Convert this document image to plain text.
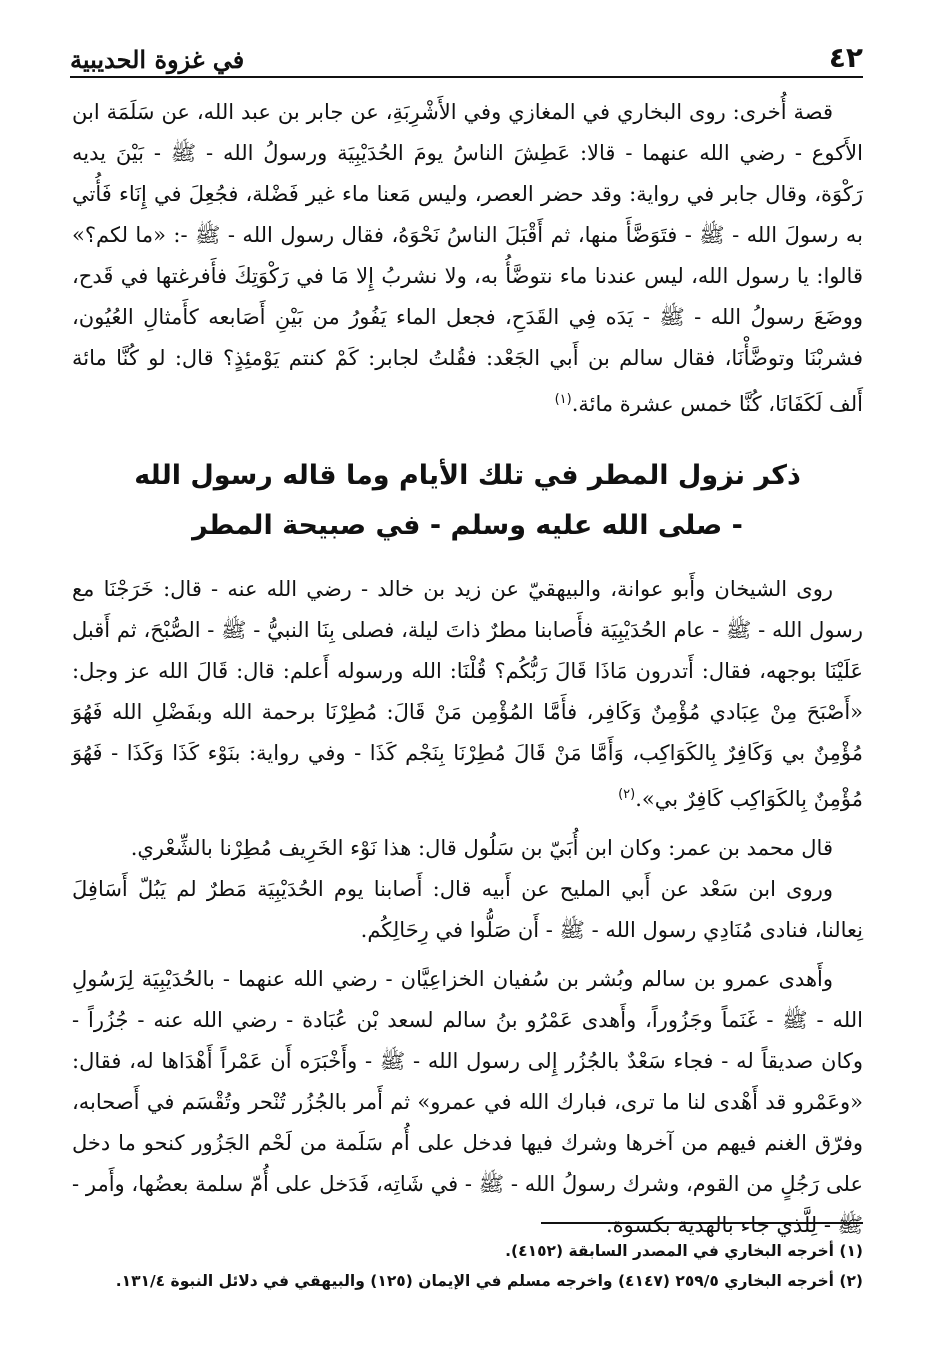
٤٢
في غزوة الحديبية

قصة أُخرى: روى البخاري في المغازي وفي الأَشْرِبَةِ، عن جابر بن عبد الله، عن سَلَمَة ابن الأَكوع - رضي الله عنهما - قالا: عَطِشَ الناسُ يومَ الحُدَيْبِيَة ورسولُ الله - ﷺ - بَيْنَ يديه رَكْوَة، وقال جابر في رواية: وقد حضر العصر، وليس مَعنا ماء غير فَضْلة، فجُعِلَ في إِنَاء فَأُتي به رسولَ الله - ﷺ - فتَوَضَّأَ منها، ثم أَقْبَلَ الناسُ نَحْوَهُ، فقال رسول الله - ﷺ -: «ما لكم؟» قالوا: يا رسول الله، ليس عندنا ماء نتوضَّأُ به، ولا نشربُ إِلا مَا في رَكْوَتِكَ فأَفرغتها في قَدح، ووضَعَ رسولُ الله - ﷺ - يَدَه فِي القَدَحِ، فجعل الماء يَفُورُ من بَيْنِ أَصَابعه كأَمثالِ العُيُون، فشربْنَا وتوضَّأْنَا، فقال سالم بن أَبي الجَعْد: فقُلتُ لجابر: كَمْ كنتم يَوْمئِذٍ؟ قال: لو كُنَّا مائة أَلف لَكَفَانَا، كُنَّا خمس عشرة مائة.$^{(١)}$

ذكر نزول المطر في تلك الأيام وما قاله رسول الله
- صلى الله عليه وسلم - في صبيحة المطر

روى الشيخان وأَبو عوانة، والبيهقيّ عن زيد بن خالد - رضي الله عنه - قال: خَرَجْنَا مع رسول الله - ﷺ - عام الحُدَيْبِيَة فأَصابنا مطرٌ ذاتَ ليلة، فصلى بِنَا النبيُّ - ﷺ - الصُّبْحَ، ثم أَقبل عَلَيْنَا بوجهه، فقال: أَتدرون مَاذَا قَالَ رَبُّكُم؟ قُلْنَا: الله ورسوله أَعلم: قال: قَالَ الله عز وجل: «أَصْبَحَ مِنْ عِبَادي مُؤْمِنٌ وَكَافِر، فأَمَّا المُؤْمِن مَنْ قَالَ: مُطِرْنَا برحمة الله وبفَضْلِ الله فَهُوَ مُؤْمِنٌ بي وَكَافِرٌ بِالكَوَاكِب، وَأَمَّا مَنْ قَالَ مُطِرْنَا بِنَجْم كَذَا - وفي رواية: بنَوْء كَذَا وَكَذَا - فَهُوَ مُؤْمِنٌ بِالكَوَاكِب كَافِرٌ بي».$^{(٢)}$

قال محمد بن عمر: وكان ابن أُبَيّ بن سَلُول قال: هذا نَوْء الخَرِيف مُطِرْنا بالشِّعْري.

وروى ابن سَعْد عن أَبي المليح عن أَبيه قال: أَصابنا يوم الحُدَيْبِيَة مَطرٌ لم يَبُلّ أَسَافِلَ نِعالنا، فنادى مُنَادِي رسول الله - ﷺ - أَن صَلُّوا في رِحَالِكُم.

وأَهدى عمرو بن سالم وبُشر بن سُفيان الخزاعِيَّان - رضي الله عنهما - بالحُدَيْبِيَة لِرَسُولِ الله - ﷺ - غَنَماً وجَزُوراً، وأَهدى عَمْرُو بنُ سالم لسعد بْن عُبَادة - رضي الله عنه - جُزُراً - وكان صديقاً له - فجاء سَعْدٌ بالجُزُر إِلى رسول الله - ﷺ - وأَخْبَرَه أَن عَمْراً أَهْدَاها له، فقال: «وعَمْرو قد أَهْدى لنا ما ترى، فبارك الله في عمرو» ثم أَمر بالجُزُر تُنْحر وتُقْسَم في أَصحابه، وفرّق الغنم فيهم من آخرها وشرك فيها فدخل على أُم سَلَمة من لَحْم الجَزُور كنحو ما دخل على رَجُلٍ من القوم، وشرك رسولُ الله - ﷺ - في شَاتِه، فَدَخل على أُمّ سلمة بعضُها، وأَمر - ﷺ - لِلَّذي جاء بالهدية بكسوة.

(١) أخرجه البخاري في المصدر السابقة (٤١٥٢).
(٢) أخرجه البخاري ٢٥٩/٥ (٤١٤٧) واخرجه مسلم في الإيمان (١٢٥) والبيهقي في دلائل النبوة ١٣١/٤.
